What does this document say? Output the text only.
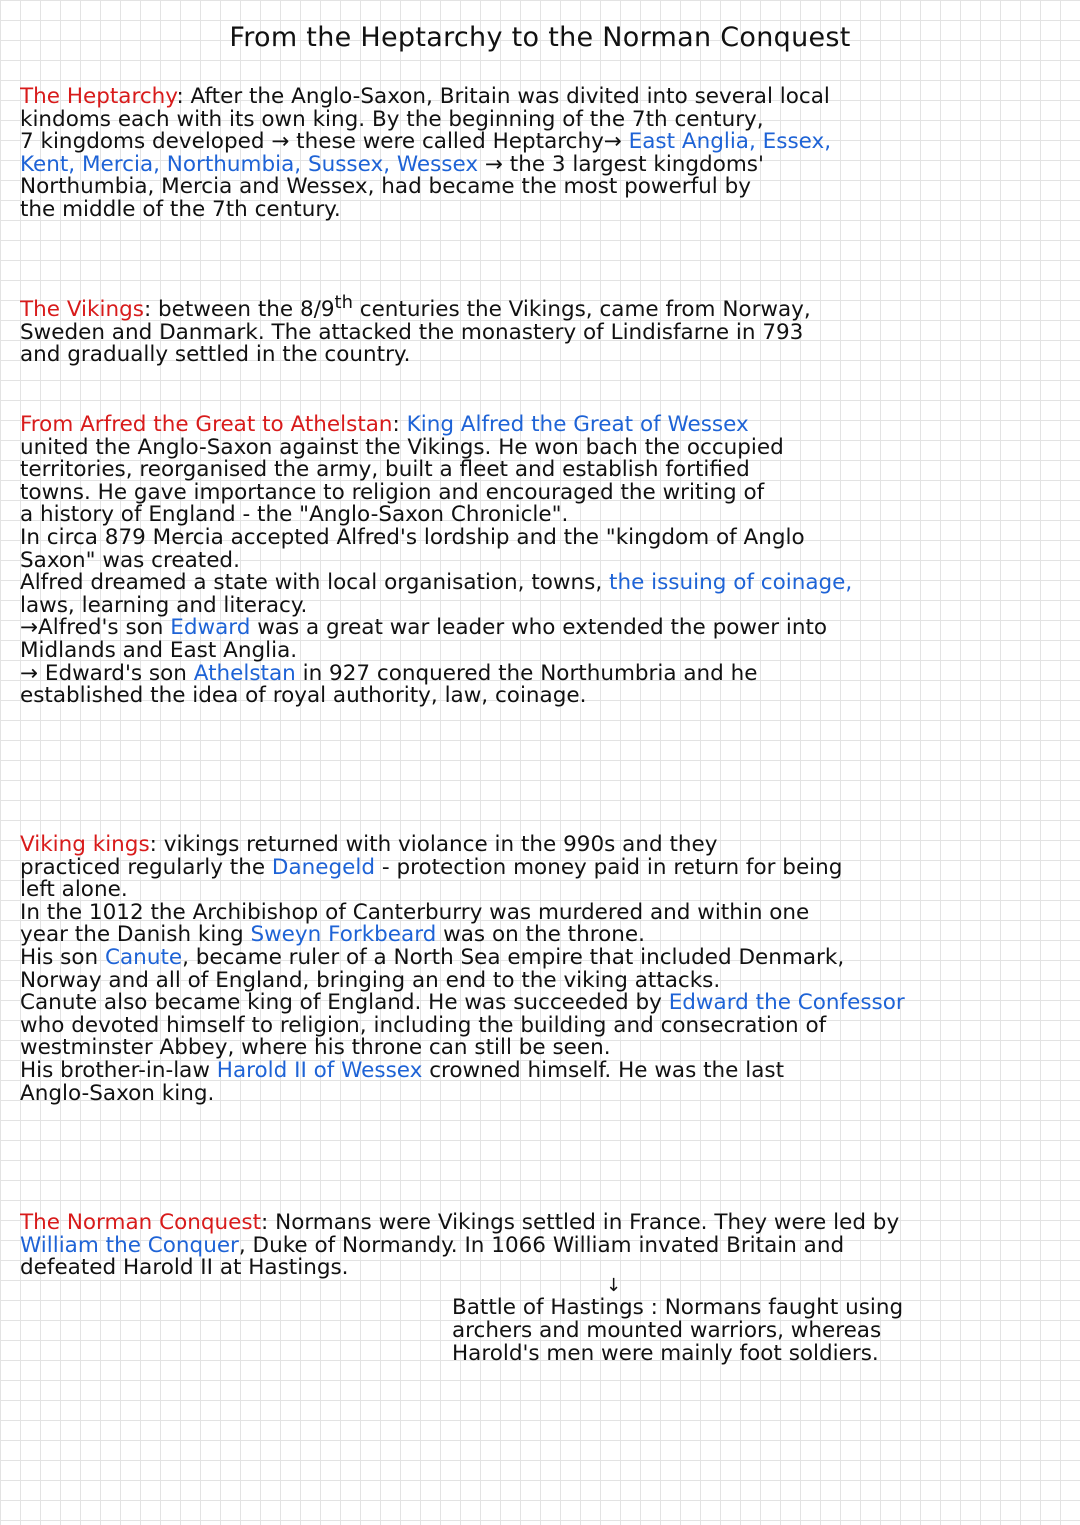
From the Heptarchy to the Norman Conquest
The Heptarchy: After the Anglo-Saxon, Britain was divited into several local
kindoms each with its own king. By the beginning of the 7th century,
7 kingdoms developed → these were called Heptarchy→ East Anglia, Essex,
Kent, Mercia, Northumbia, Sussex, Wessex → the 3 largest kingdoms'
Northumbia, Mercia and Wessex, had became the most powerful by
the middle of the 7th century.
The Vikings: between the 8/9th centuries the Vikings, came from Norway,
Sweden and Danmark. The attacked the monastery of Lindisfarne in 793
and gradually settled in the country.
From Arfred the Great to Athelstan: King Alfred the Great of Wessex
united the Anglo-Saxon against the Vikings. He won bach the occupied
territories, reorganised the army, built a fleet and establish fortified
towns. He gave importance to religion and encouraged the writing of
a history of England - the "Anglo-Saxon Chronicle".
In circa 879 Mercia accepted Alfred's lordship and the "kingdom of Anglo
Saxon" was created.
Alfred dreamed a state with local organisation, towns, the issuing of coinage,
laws, learning and literacy.
→Alfred's son Edward was a great war leader who extended the power into
Midlands and East Anglia.
→ Edward's son Athelstan in 927 conquered the Northumbria and he
established the idea of royal authority, law, coinage.
Viking kings: vikings returned with violance in the 990s and they
practiced regularly the Danegeld - protection money paid in return for being
left alone.
In the 1012 the Archibishop of Canterburry was murdered and within one
year the Danish king Sweyn Forkbeard was on the throne.
His son Canute, became ruler of a North Sea empire that included Denmark,
Norway and all of England, bringing an end to the viking attacks.
Canute also became king of England. He was succeeded by Edward the Confessor
who devoted himself to religion, including the building and consecration of
westminster Abbey, where his throne can still be seen.
His brother-in-law Harold II of Wessex crowned himself. He was the last
Anglo-Saxon king.
The Norman Conquest: Normans were Vikings settled in France. They were led by
William the Conquer, Duke of Normandy. In 1066 William invated Britain and
defeated Harold II at Hastings.
↓
Battle of Hastings : Normans faught using
archers and mounted warriors, whereas
Harold's men were mainly foot soldiers.
